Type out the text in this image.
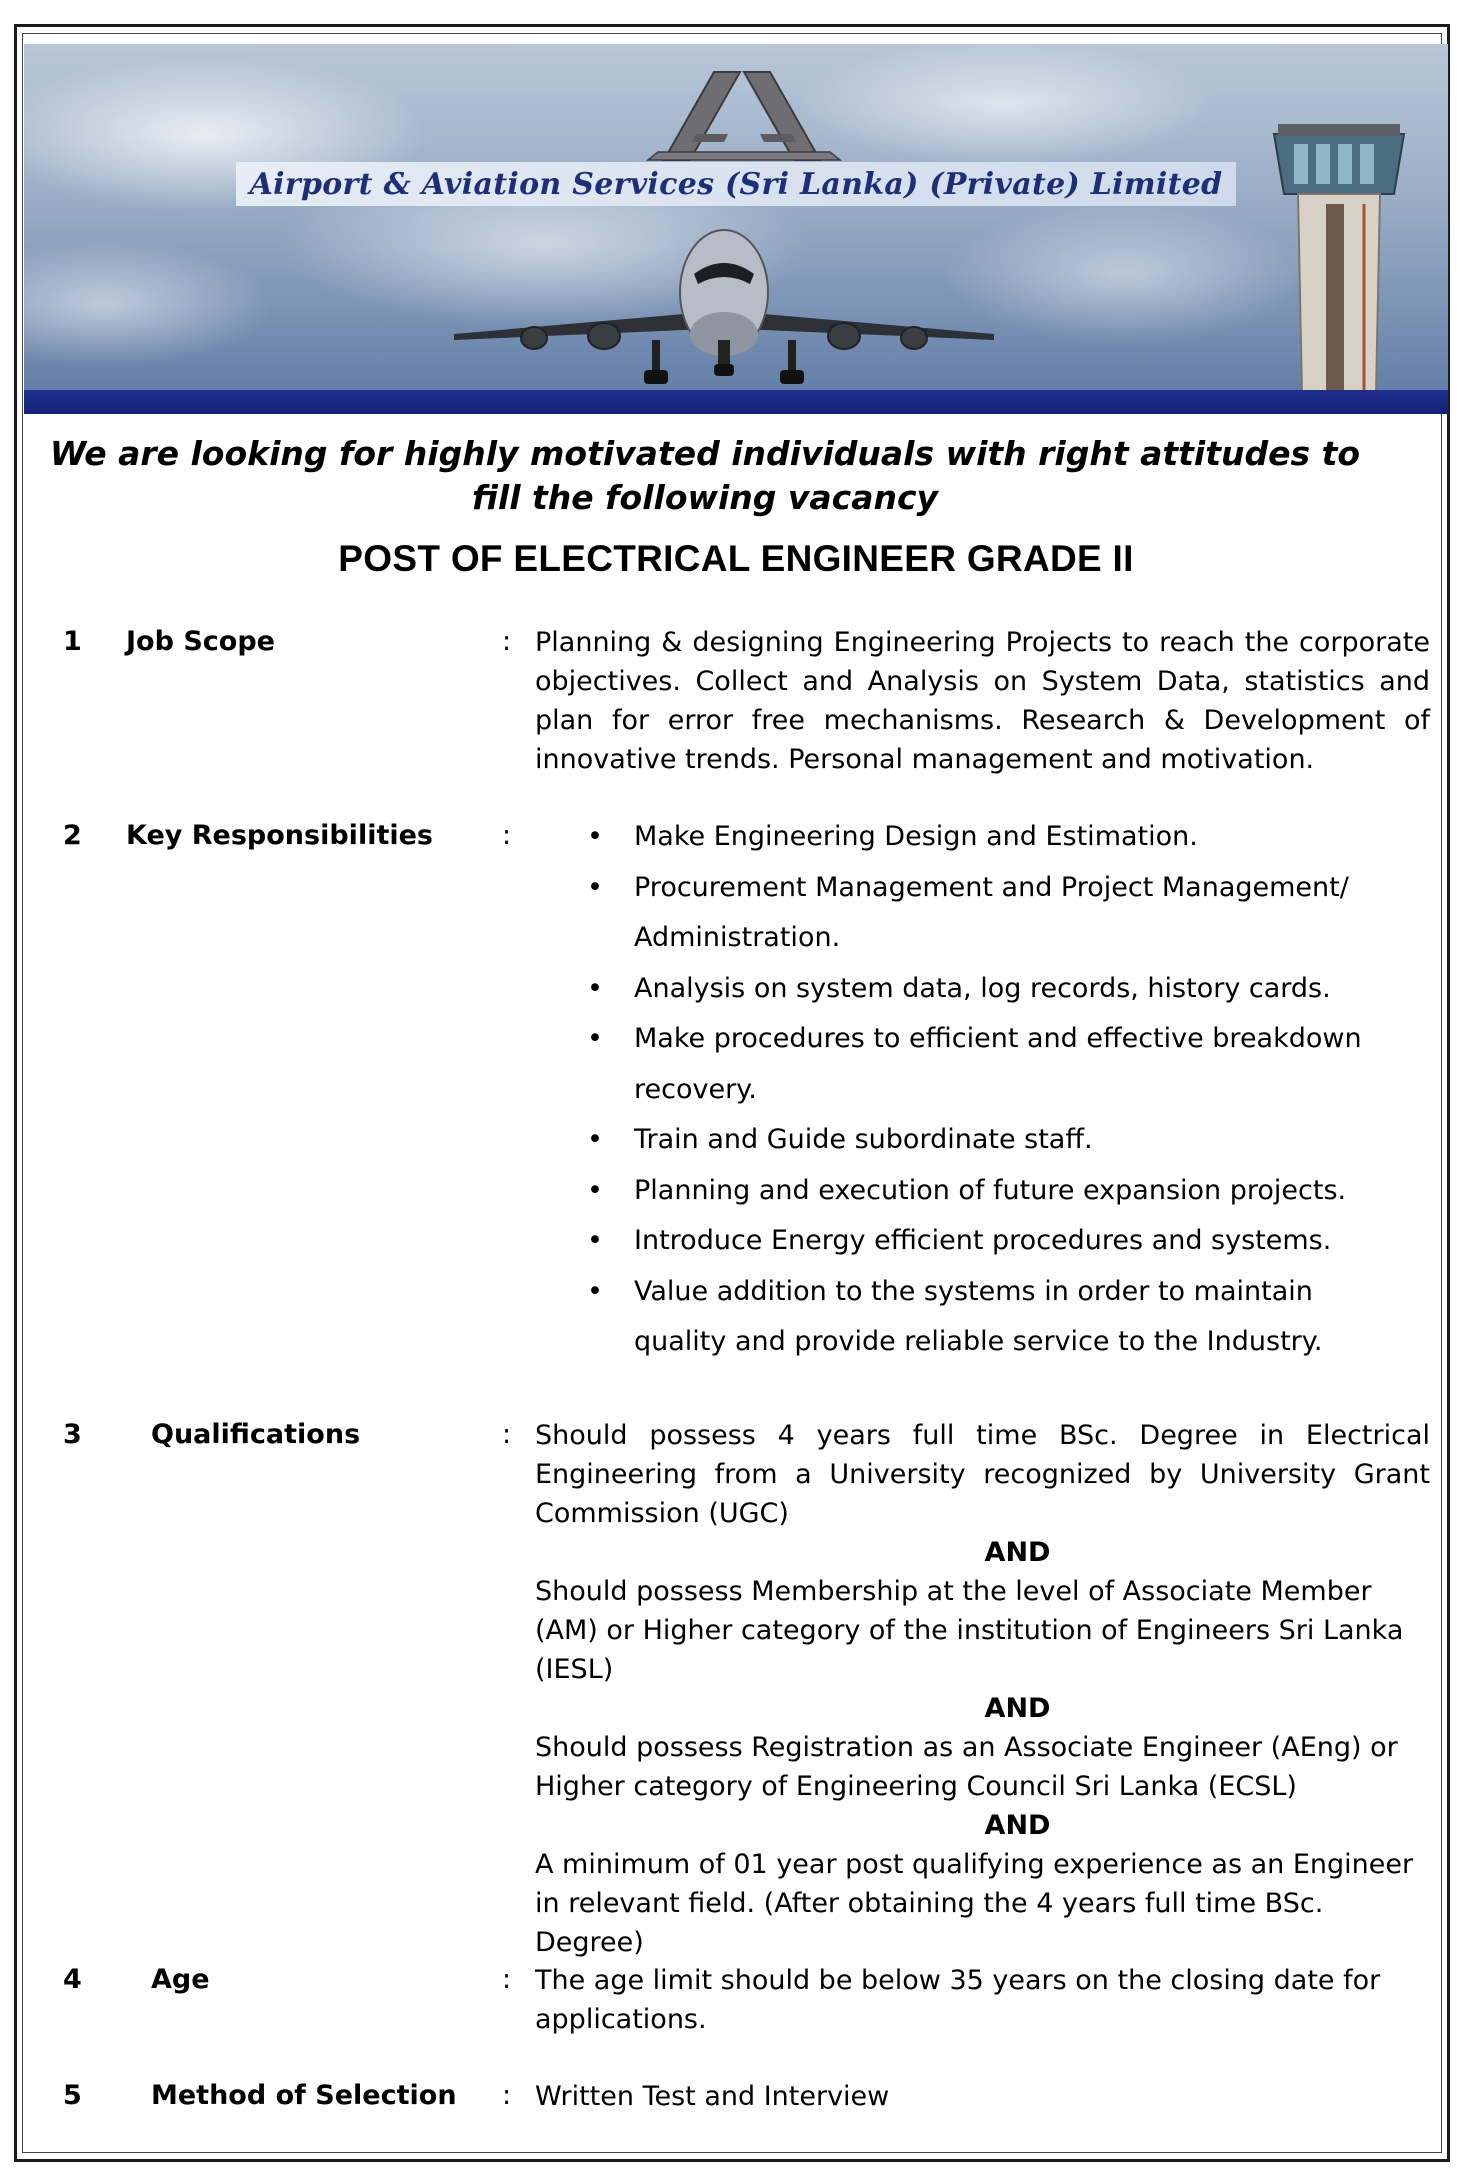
Airport & Aviation Services (Sri Lanka) (Private) Limited
We are looking for highly motivated individuals with right attitudes to fill the following vacancy
POST OF ELECTRICAL ENGINEER GRADE II
1 Job Scope	: Planning & designing Engineering Projects to reach the corporate objectives. Collect and Analysis on System Data, statistics and plan for error free mechanisms. Research & Development of innovative trends. Personal management and motivation.
2 Key Responsibilities	:	• Make Engineering Design and Estimation.
• Procurement Management and Project Management/
Administration.
• Analysis on system data, log records, history cards.
• Make procedures to efficient and effective breakdown
recovery.
• Train and Guide subordinate staff.
• Planning and execution of future expansion projects.
• Introduce Energy efficient procedures and systems.
• Value addition to the systems in order to maintain
quality and provide reliable service to the Industry.
3	Qualifications	: Should possess 4 years full time BSc. Degree in Electrical Engineering from a University recognized by University Grant Commission (UGC)
AND
Should possess Membership at the level of Associate Member (AM) or Higher category of the institution of Engineers Sri Lanka (IESL)
AND
Should possess Registration as an Associate Engineer (AEng) or Higher category of Engineering Council Sri Lanka (ECSL)
AND
A minimum of 01 year post qualifying experience as an Engineer in relevant field. (After obtaining the 4 years full time BSc. Degree)
4	Age	: The age limit should be below 35 years on the closing date for applications.
5	Method of Selection : Written Test and Interview
